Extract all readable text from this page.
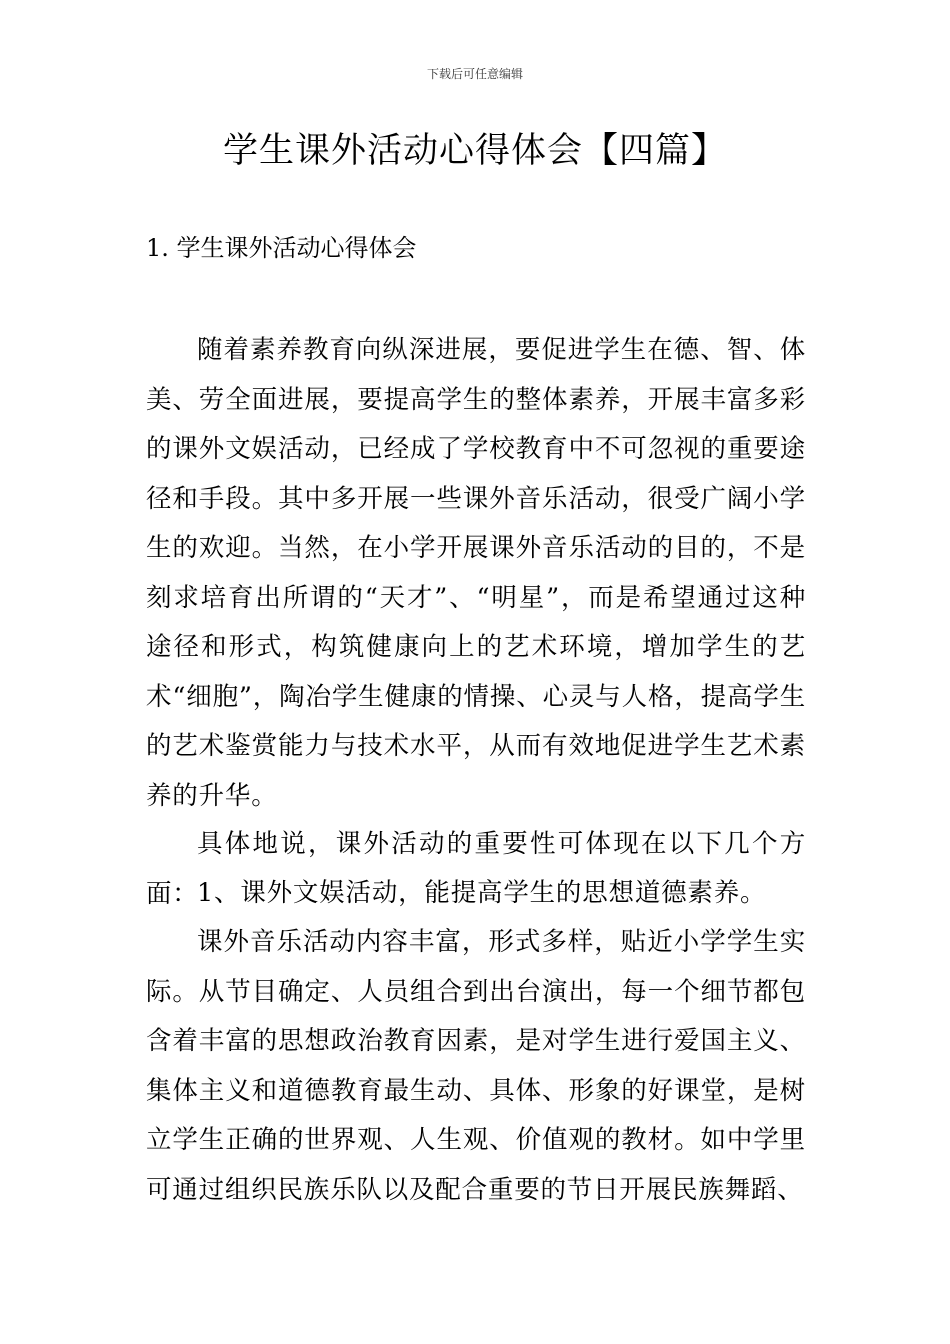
下载后可任意编辑
学生课外活动心得体会【四篇】
1. 学生课外活动心得体会

随着素养教育向纵深进展，要促进学生在德、智、体美、劳全面进展，要提高学生的整体素养，开展丰富多彩的课外文娱活动，已经成了学校教育中不可忽视的重要途径和手段。其中多开展一些课外音乐活动，很受广阔小学生的欢迎。当然，在小学开展课外音乐活动的目的，不是刻求培育出所谓的“天才”、“明星”，而是希望通过这种途径和形式，构筑健康向上的艺术环境，增加学生的艺术“细胞”，陶冶学生健康的情操、心灵与人格，提高学生的艺术鉴赏能力与技术水平，从而有效地促进学生艺术素养的升华。

具体地说，课外活动的重要性可体现在以下几个方面：

1、课外文娱活动，能提高学生的思想道德素养。

课外音乐活动内容丰富，形式多样，贴近小学学生实际。从节目确定、人员组合到出台演出，每一个细节都包含着丰富的思想政治教育因素，是对学生进行爱国主义、集体主义和道德教育最生动、具体、形象的好课堂，是树立学生正确的世界观、人生观、价值观的教材。如中学里可通过组织民族乐队以及配合重要的节日开展民族舞蹈、
